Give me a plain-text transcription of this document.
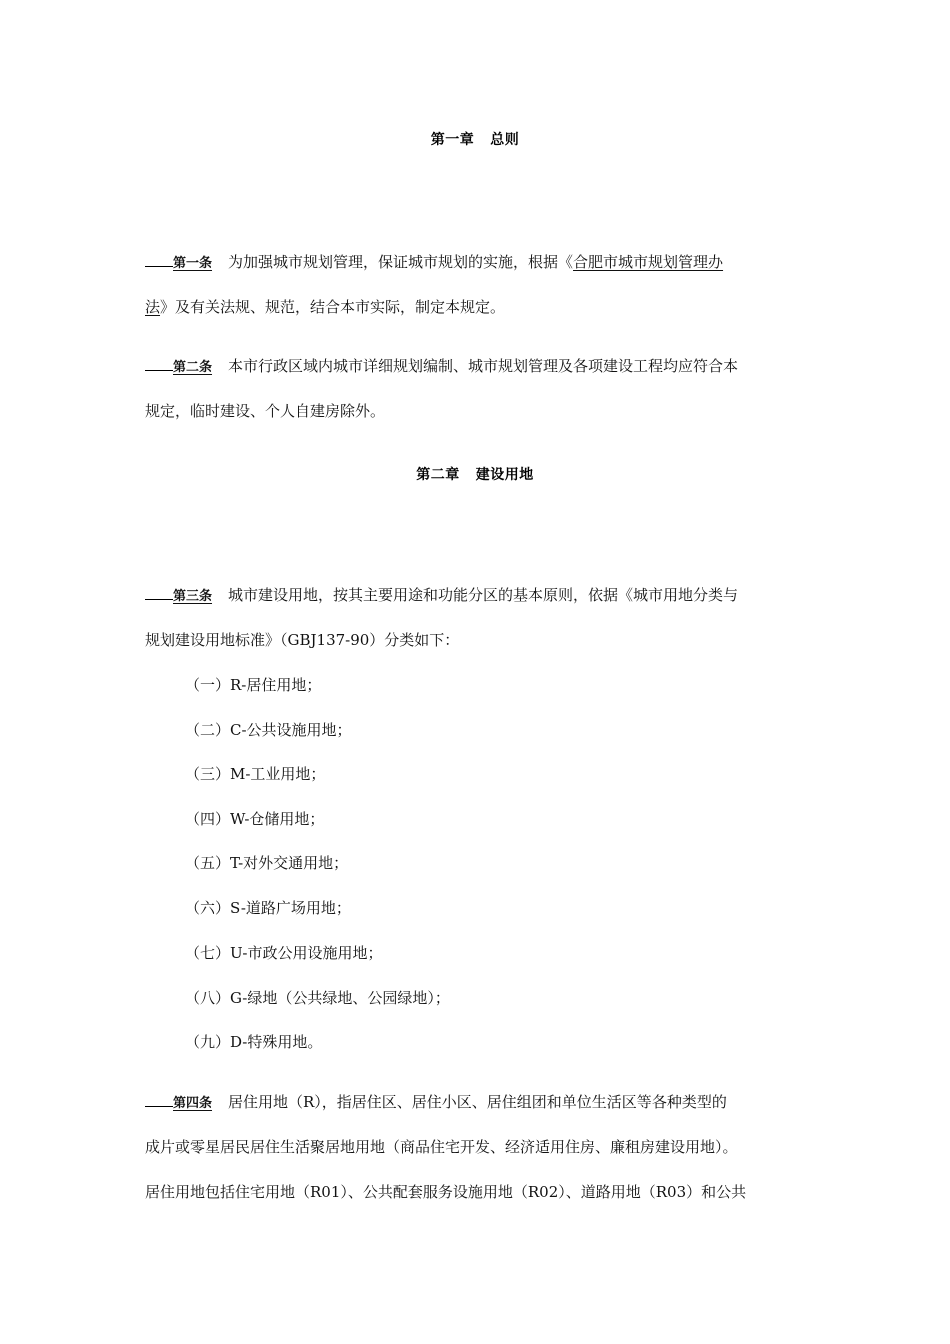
第一章 总则
第一条 为加强城市规划管理，保证城市规划的实施，根据《合肥市城市规划管理办
法》及有关法规、规范，结合本市实际，制定本规定。
第二条 本市行政区域内城市详细规划编制、城市规划管理及各项建设工程均应符合本
规定，临时建设、个人自建房除外。
第二章 建设用地
第三条 城市建设用地，按其主要用途和功能分区的基本原则，依据《城市用地分类与
规划建设用地标准》（GBJ137-90）分类如下：
（一）R-居住用地；
（二）C-公共设施用地；
（三）M-工业用地；
（四）W-仓储用地；
（五）T-对外交通用地；
（六）S-道路广场用地；
（七）U-市政公用设施用地；
（八）G-绿地（公共绿地、公园绿地）；
（九）D-特殊用地。
第四条 居住用地（R），指居住区、居住小区、居住组团和单位生活区等各种类型的
成片或零星居民居住生活聚居地用地（商品住宅开发、经济适用住房、廉租房建设用地）。
居住用地包括住宅用地（R01）、公共配套服务设施用地（R02）、道路用地（R03）和公共
